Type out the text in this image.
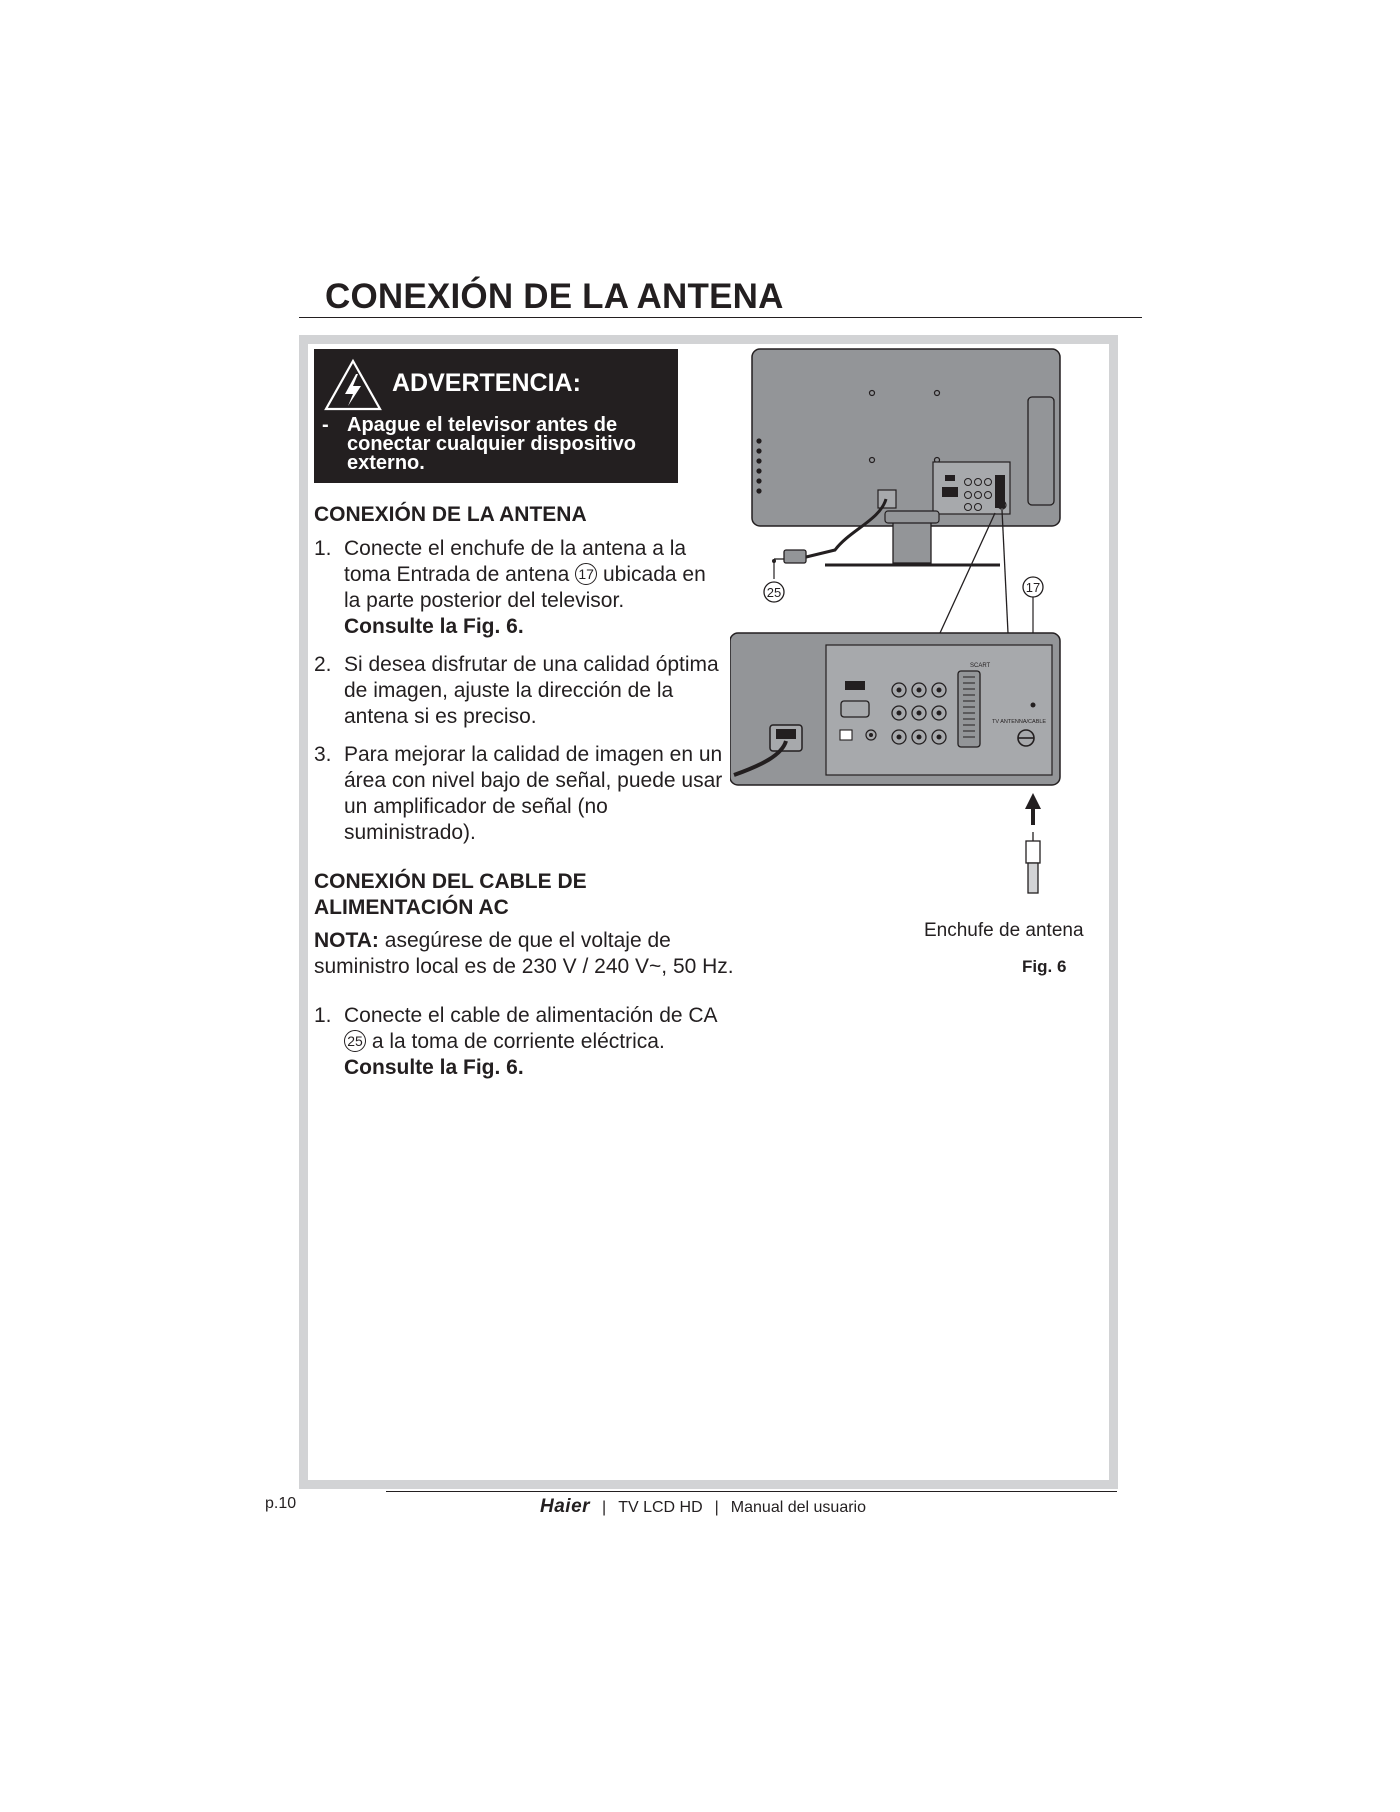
CONEXIÓN DE LA ANTENA
ADVERTENCIA:
- Apague el televisor antes de conectar cualquier dispositivo externo.
CONEXIÓN DE LA ANTENA
1. Conecte el enchufe de la antena a la toma Entrada de antena 17 ubicada en la parte posterior del televisor.
Consulte la Fig. 6.
2. Si desea disfrutar de una calidad óptima de imagen, ajuste la dirección de la antena si es preciso.
3. Para mejorar la calidad de imagen en un área con nivel bajo de señal, puede usar un amplificador de señal (no suministrado).
CONEXIÓN DEL CABLE DE
ALIMENTACIÓN AC

NOTA: asegúrese de que el voltaje de suministro local es de 230 V / 240 V~, 50 Hz.

1. Conecte el cable de alimentación de CA 25 a la toma de corriente eléctrica.
Consulte la Fig. 6.
25	17
SCART
TV ANTENNA/CABLE
Enchufe de antena
Fig. 6
p.10	Haier | TV LCD HD | Manual del usuario
